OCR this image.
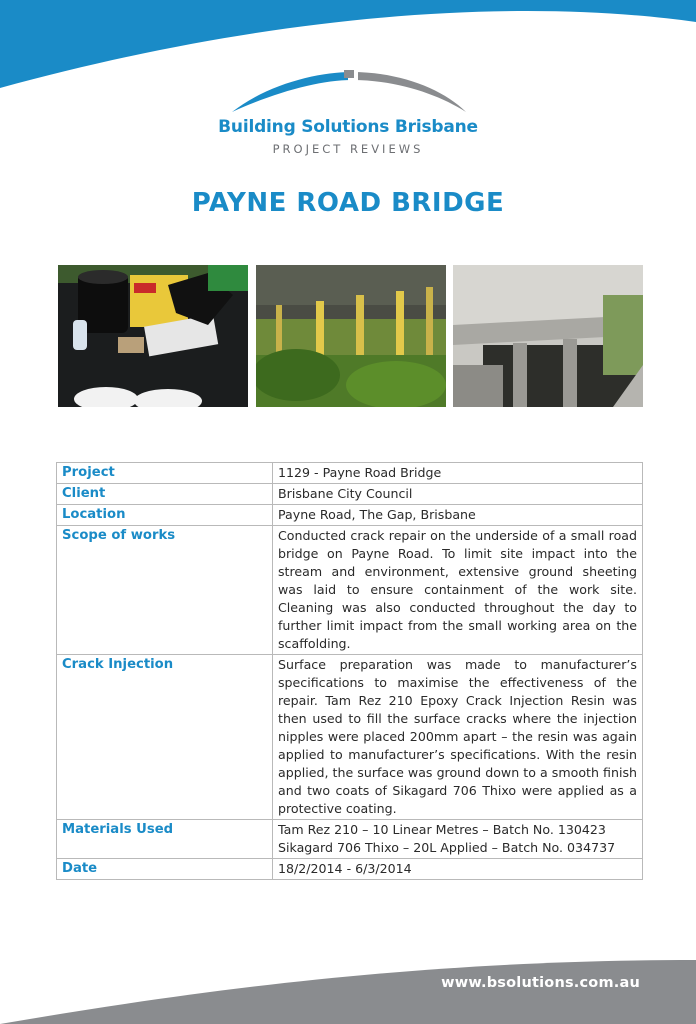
Building Solutions Brisbane
PROJECT REVIEWS
PAYNE ROAD BRIDGE
Project	1129 - Payne Road Bridge
Client	Brisbane City Council
Location	Payne Road, The Gap, Brisbane
Scope of works	Conducted crack repair on the underside of a small road bridge on Payne Road. To limit site impact into the stream and environment, extensive ground sheeting was laid to ensure containment of the work site. Cleaning was also conducted throughout the day to further limit impact from the small working area on the scaffolding.
Crack Injection	Surface preparation was made to manufacturer’s specifications to maximise the effectiveness of the repair. Tam Rez 210 Epoxy Crack Injection Resin was then used to fill the surface cracks where the injection nipples were placed 200mm apart – the resin was again applied to manufacturer’s specifications. With the resin applied, the surface was ground down to a smooth finish and two coats of Sikagard 706 Thixo were applied as a protective coating.
Materials Used	Tam Rez 210 – 10 Linear Metres – Batch No. 130423
Sikagard 706 Thixo – 20L Applied – Batch No. 034737

Date	18/2/2014 - 6/3/2014
www.bsolutions.com.au
